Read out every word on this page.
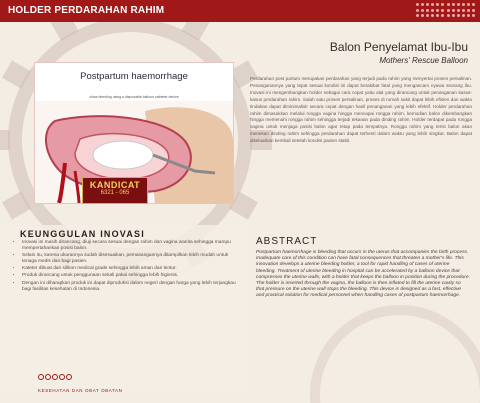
HOLDER PERDARAHAN RAHIM
Balon Penyelamat Ibu-Ibu
Mothers' Rescue Balloon
Perdarahan post partum merupakan perdarahan yang terjadi pada rahim yang menyertai proses persalinan. Penanganannya yang tepat sesuai kondisi ini dapat berakibat fatal yang mengancam nyawa seorang ibu. Inovasi ini mengembangkan holder sebagai cara cepat yaitu alat yang dirancang untuk penanganan kasus-kasus perdarahan rahim. Salah satu proses persalinan, proses di rumah sakit dapat lebih efisien dan waktu tindakan dapat diminimalisir secara cepat dengan hasil penanganan yang lebih efektif. Holder perdarahan rahim dimasukkan melalui rongga vagina hingga mencapai rongga rahim, kemudian balon dikembangkan hingga memenuhi rongga rahim sehingga terjadi tekanan pada dinding rahim. Holder terdapat pada rongga vagina untuk menjaga posisi balon agar tetap pada tempatnya. Rongga rahim yang terisi balon akan menekan dinding rahim sehingga perdarahan dapat terhenti dalam waktu yang lebih singkat. Balon dapat dikeluarkan kembali setelah kondisi pasien stabil.
Postpartum haemorrhage
close bleeding using a disposable balloon catheter device
KANDICAT
6321 - 065
ABSTRACT
Postpartum haemorrhage is bleeding that occurs in the uterus that accompanies the birth process. Inadequate care of this condition can have fatal consequences that threaten a mother's life. This innovation develops a uterine bleeding holder, a tool for rapid handling of cases of uterine bleeding. Treatment of uterine bleeding in hospital can be accelerated by a balloon device that compresses the uterine walls, with a holder that keeps the balloon in position during the procedure. The holder is inserted through the vagina, the balloon is then inflated to fill the uterine cavity so that pressure on the uterine wall stops the bleeding. This device is designed as a fast, effective and practical solution for medical personnel when handling cases of postpartum haemorrhage.
KEUNGGULAN INOVASI
• Inovasi ini masih dirancang, diuji secara sesuai dengan rahim dan vagina wanita sehingga mampu mempertahankan posisi balon.
• Selain itu, karena ukurannya sudah disesuaikan, pemasangannya ditampilkan lebih mudah untuk tenaga medis dan bagi pasien.
• Kateter dibuat dari silikon medical grade sehingga lebih aman dan lentur.
• Produk dirancang untuk penggunaan sekali pakai sehingga lebih higienis.
• Dengan ini diharapkan produk ini dapat diproduksi dalam negeri dengan harga yang lebih terjangkau bagi fasilitas kesehatan di Indonesia.
KESEHATAN DAN OBAT OBATAN
